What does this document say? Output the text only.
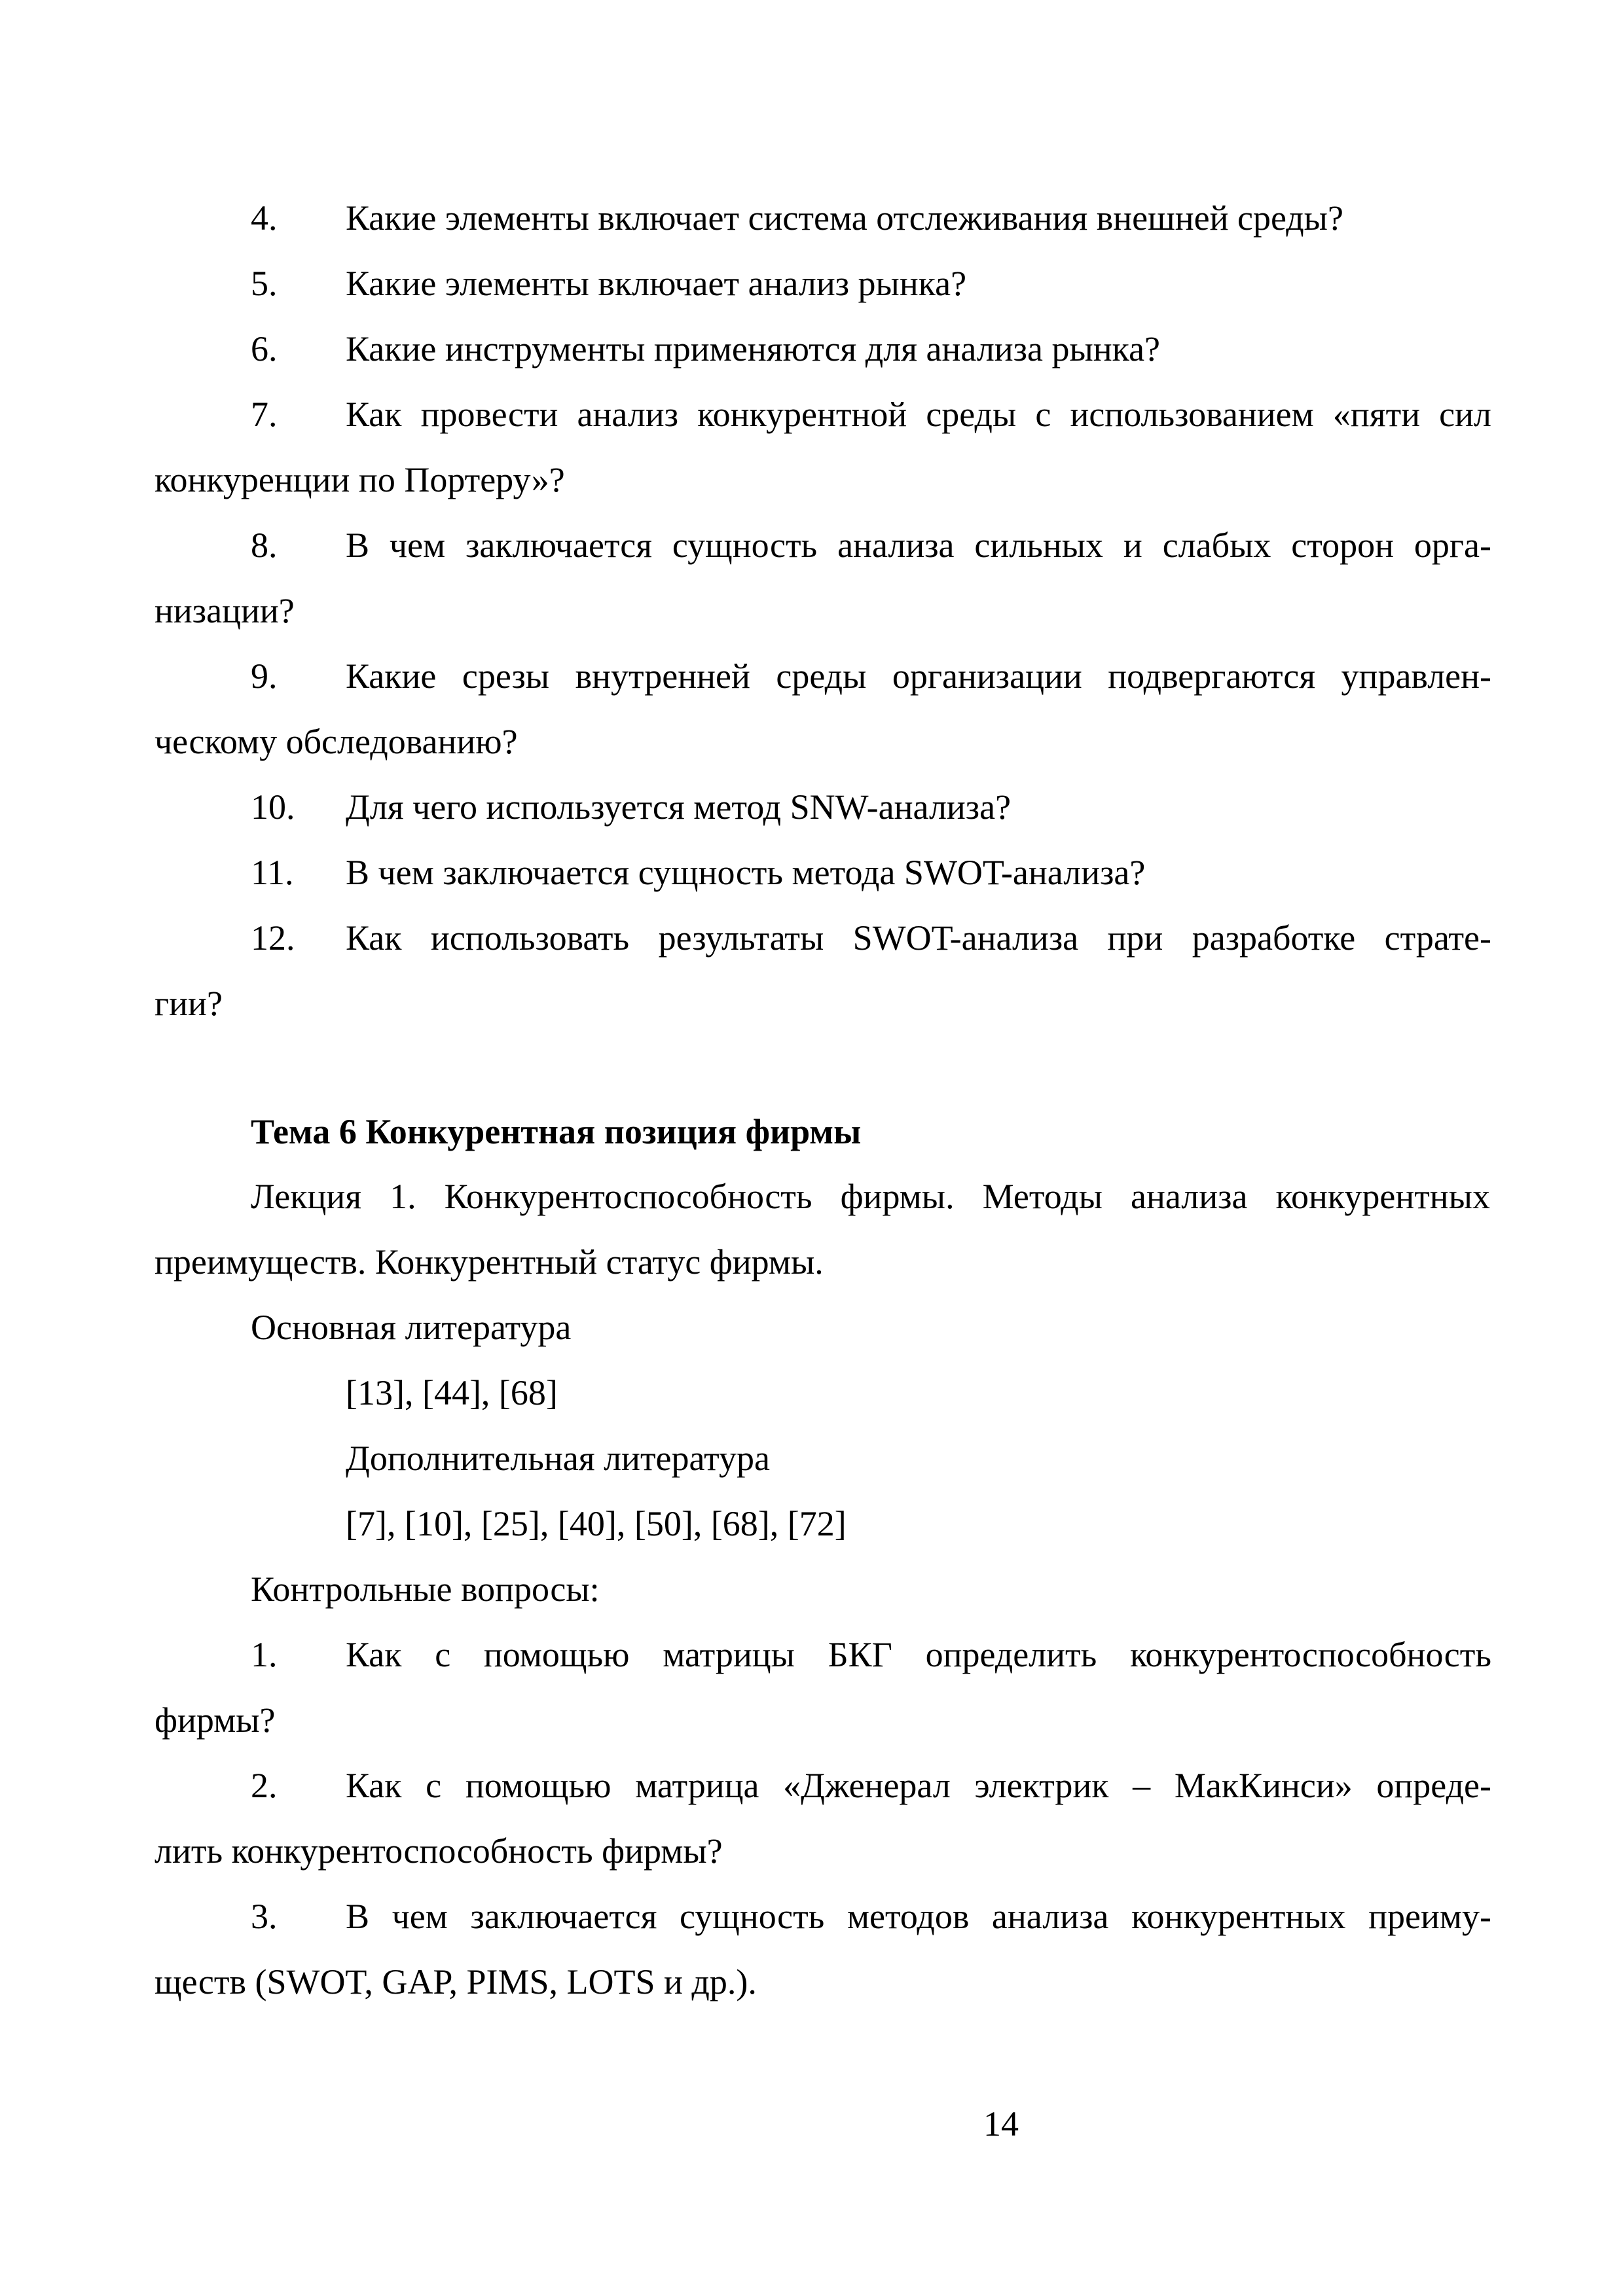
4. Какие элементы включает система отслеживания внешней среды?
5. Какие элементы включает анализ рынка?
6. Какие инструменты применяются для анализа рынка?
7. Как провести анализ конкурентной среды с использованием «пяти сил
конкуренции по Портеру»?
8. В чем заключается сущность анализа сильных и слабых сторон орга-
низации?
9. Какие срезы внутренней среды организации подвергаются управлен-
ческому обследованию?
10. Для чего используется метод SNW-анализа?
11. В чем заключается сущность метода SWOT-анализа?
12. Как использовать результаты SWOT-анализа при разработке страте-
гии?
Тема 6 Конкурентная позиция фирмы
Лекция 1. Конкурентоспособность фирмы. Методы анализа конкурентных
преимуществ. Конкурентный статус фирмы.
Основная литература
[13], [44], [68]
Дополнительная литература
[7], [10], [25], [40], [50], [68], [72]
Контрольные вопросы:
1. Как с помощью матрицы БКГ определить конкурентоспособность
фирмы?
2. Как с помощью матрица «Дженерал электрик – МакКинси» опреде-
лить конкурентоспособность фирмы?
3. В чем заключается сущность методов анализа конкурентных преиму-
ществ (SWOT, GAP, PIMS, LOTS и др.).
14
